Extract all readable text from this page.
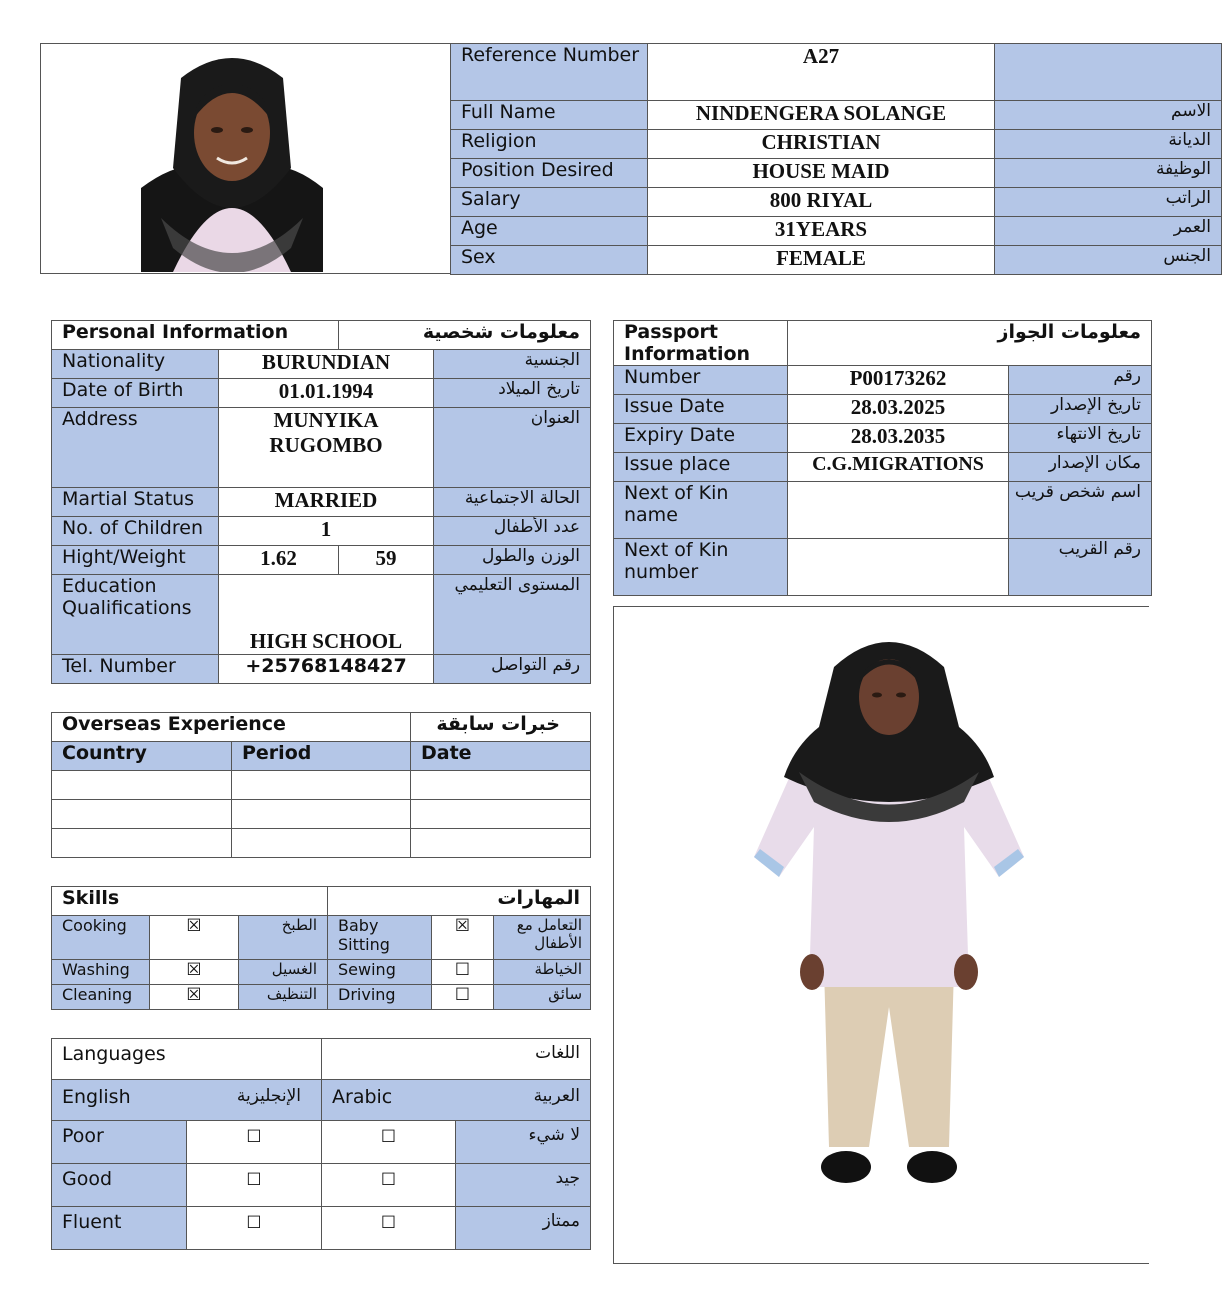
Reference Number	A27	
Full Name	NINDENGERA SOLANGE	الاسم
Religion	CHRISTIAN	الديانة
Position Desired	HOUSE MAID	الوظيفة
Salary	800 RIYAL	الراتب
Age	31YEARS	العمر
Sex	FEMALE	الجنس
Personal Information		معلومات شخصية	
Nationality	BURUNDIAN		الجنسية
Date of Birth	01.01.1994		تاريخ الميلاد
Address	MUNYIKA RUGOMBO		العنوان
Martial Status	MARRIED		الحالة الاجتماعية
No. of Children	1		عدد الأطفال
Hight/Weight	1.62	59	الوزن والطول
Education Qualifications	HIGH SCHOOL		المستوى التعليمي
Tel. Number	+25768148427		رقم التواصل
Passport Information	معلومات الجواز	
Number	P00173262	رقم
Issue Date	28.03.2025	تاريخ الإصدار
Expiry Date	28.03.2035	تاريخ الانتهاء
Issue place	C.G.MIGRATIONS	مكان الإصدار
Next of Kin name		اسم شخص قريب
Next of Kin number		رقم القريب
Overseas Experience		خبرات سابقة
Country	Period	Date

Skills			المهارات		
Cooking	☒	الطبخ	Baby Sitting	☒	التعامل مع الأطفال
Washing	☒	الغسيل	Sewing	☐	الخياطة
Cleaning	☒	التنظيف	Driving	☐	سائق
Languages		اللغات	
English الإنجليزية		Arabic العربية	

Poor	☐	☐	لا شيء
Good	☐	☐	جيد
Fluent	☐	☐	ممتاز
